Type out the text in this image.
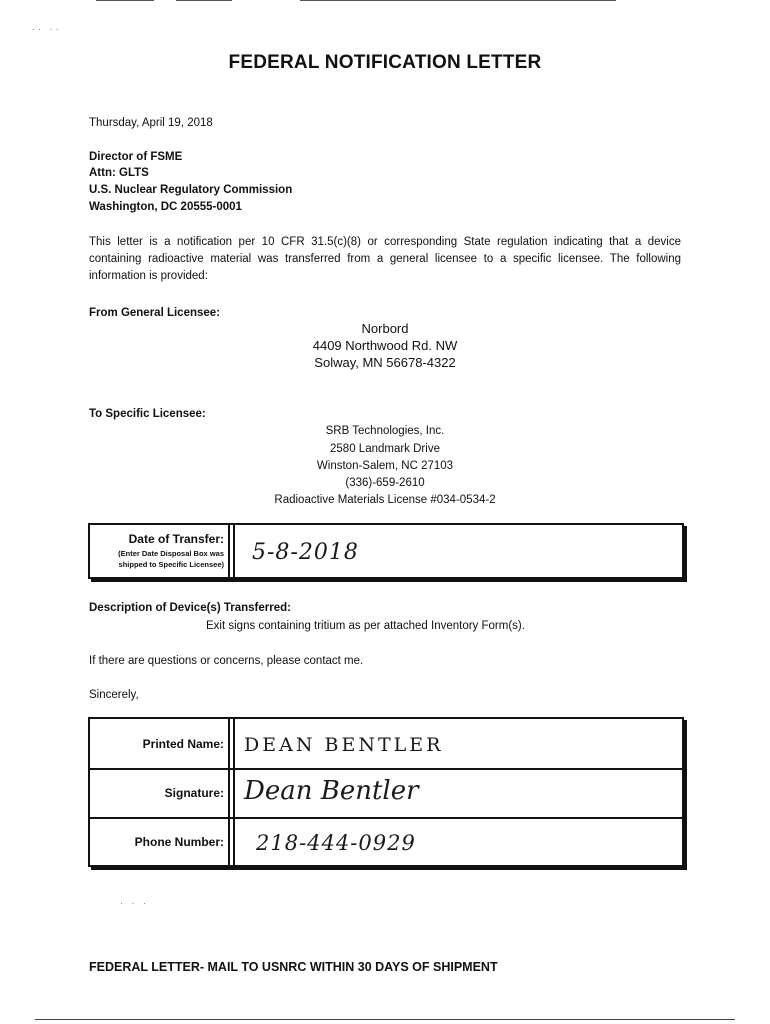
·· ··
FEDERAL NOTIFICATION LETTER
Thursday, April 19, 2018
Director of FSME
Attn: GLTS
U.S. Nuclear Regulatory Commission
Washington, DC 20555-0001
This letter is a notification per 10 CFR 31.5(c)(8) or corresponding State regulation indicating that a device containing radioactive material was transferred from a general licensee to a specific licensee. The following information is provided:
From General Licensee:
Norbord
4409 Northwood Rd. NW
Solway, MN 56678-4322
To Specific Licensee:
SRB Technologies, Inc.
2580 Landmark Drive
Winston-Salem, NC 27103
(336)-659-2610
Radioactive Materials License #034-0534-2
Date of Transfer:
(Enter Date Disposal Box was
shipped to Specific Licensee) 5-8-2018
Description of Device(s) Transferred:
Exit signs containing tritium as per attached Inventory Form(s).
If there are questions or concerns, please contact me.
Sincerely,
Printed Name: DEAN BENTLER
Signature: Dean Bentler
Phone Number: 218-444-0929
· · ·
FEDERAL LETTER- MAIL TO USNRC WITHIN 30 DAYS OF SHIPMENT
